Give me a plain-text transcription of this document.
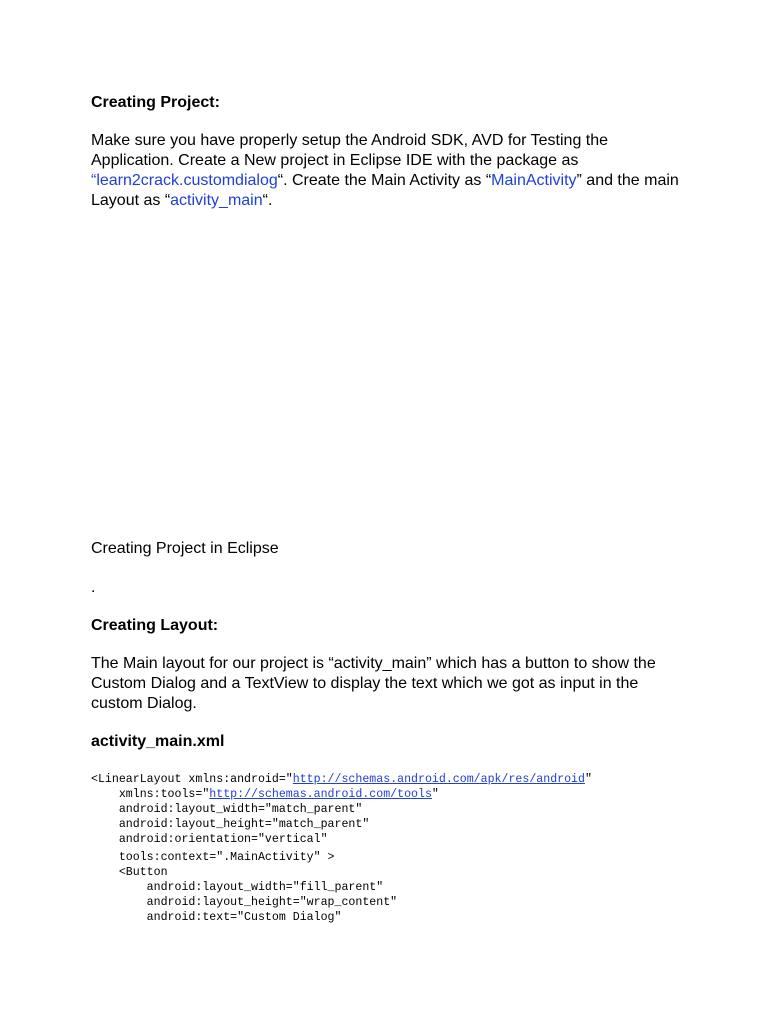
Creating Project:
Make sure you have properly setup the Android SDK, AVD for Testing the Application. Create a New project in Eclipse IDE with the package as “learn2crack.customdialog“. Create the Main Activity as “MainActivity” and the main Layout as “activity_main“.
Creating Project in Eclipse
.
Creating Layout:
The Main layout for our project is “activity_main” which has a button to show the Custom Dialog and a TextView to display the text which we got as input in the custom Dialog.
activity_main.xml
<LinearLayout xmlns:android="http://schemas.android.com/apk/res/android"
xmlns:tools="http://schemas.android.com/tools"
android:layout_width="match_parent"
android:layout_height="match_parent"
android:orientation="vertical"
tools:context=".MainActivity" >
<Button
android:layout_width="fill_parent"
android:layout_height="wrap_content"
android:text="Custom Dialog"
